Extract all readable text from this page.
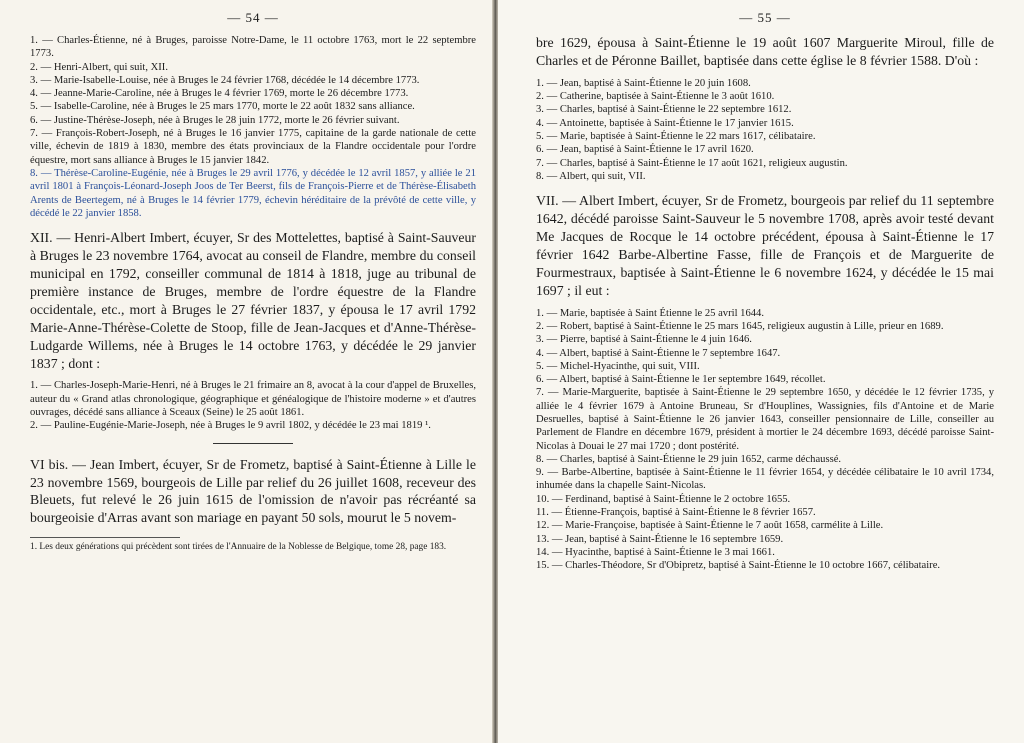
— 54 —

1. — Charles-Étienne, né à Bruges, paroisse Notre-Dame, le 11 octobre 1763, mort le 22 septembre 1773.

2. — Henri-Albert, qui suit, XII.

3. — Marie-Isabelle-Louise, née à Bruges le 24 février 1768, décédée le 14 décembre 1773.

4. — Jeanne-Marie-Caroline, née à Bruges le 4 février 1769, morte le 26 décembre 1773.

5. — Isabelle-Caroline, née à Bruges le 25 mars 1770, morte le 22 août 1832 sans alliance.

6. — Justine-Thérèse-Joseph, née à Bruges le 28 juin 1772, morte le 26 février suivant.

7. — François-Robert-Joseph, né à Bruges le 16 janvier 1775, capitaine de la garde nationale de cette ville, échevin de 1819 à 1830, membre des états provinciaux de la Flandre occidentale pour l'ordre équestre, mort sans alliance à Bruges le 15 janvier 1842.

8. — Thérèse-Caroline-Eugénie, née à Bruges le 29 avril 1776, y décédée le 12 avril 1857, y alliée le 21 avril 1801 à François-Léonard-Joseph Joos de Ter Beerst, fils de François-Pierre et de Thérèse-Élisabeth Arents de Beertegem, né à Bruges le 14 février 1779, échevin héréditaire de la prévôté de cette ville, y décédé le 22 janvier 1858.

XII. — Henri-Albert Imbert, écuyer, Sr des Mottelettes, baptisé à Saint-Sauveur à Bruges le 23 novembre 1764, avocat au conseil de Flandre, membre du conseil municipal en 1792, conseiller communal de 1814 à 1818, juge au tribunal de première instance de Bruges, membre de l'ordre équestre de la Flandre occidentale, etc., mort à Bruges le 27 février 1837, y épousa le 17 avril 1792 Marie-Anne-Thérèse-Colette de Stoop, fille de Jean-Jacques et d'Anne-Thérèse-Ludgarde Willems, née à Bruges le 14 octobre 1763, y décédée le 29 janvier 1837 ; dont :

1. — Charles-Joseph-Marie-Henri, né à Bruges le 21 frimaire an 8, avocat à la cour d'appel de Bruxelles, auteur du « Grand atlas chronologique, géographique et généalogique de l'histoire moderne » et d'autres ouvrages, décédé sans alliance à Sceaux (Seine) le 25 août 1861.

2. — Pauline-Eugénie-Marie-Joseph, née à Bruges le 9 avril 1802, y décédée le 23 mai 1819 ¹.

VI bis. — Jean Imbert, écuyer, Sr de Frometz, baptisé à Saint-Étienne à Lille le 23 novembre 1569, bourgeois de Lille par relief du 26 juillet 1608, receveur des Bleuets, fut relevé le 26 juin 1615 de l'omission de n'avoir pas récréanté sa bourgeoisie d'Arras avant son mariage en payant 50 sols, mourut le 5 novem-

1. Les deux générations qui précèdent sont tirées de l'Annuaire de la Noblesse de Belgique, tome 28, page 183.

— 55 —

bre 1629, épousa à Saint-Étienne le 19 août 1607 Marguerite Miroul, fille de Charles et de Péronne Baillet, baptisée dans cette église le 8 février 1588. D'où :

1. — Jean, baptisé à Saint-Étienne le 20 juin 1608.

2. — Catherine, baptisée à Saint-Étienne le 3 août 1610.

3. — Charles, baptisé à Saint-Étienne le 22 septembre 1612.

4. — Antoinette, baptisée à Saint-Étienne le 17 janvier 1615.

5. — Marie, baptisée à Saint-Étienne le 22 mars 1617, célibataire.

6. — Jean, baptisé à Saint-Étienne le 17 avril 1620.

7. — Charles, baptisé à Saint-Étienne le 17 août 1621, religieux augustin.

8. — Albert, qui suit, VII.

VII. — Albert Imbert, écuyer, Sr de Frometz, bourgeois par relief du 11 septembre 1642, décédé paroisse Saint-Sauveur le 5 novembre 1708, après avoir testé devant Me Jacques de Rocque le 14 octobre précédent, épousa à Saint-Étienne le 17 février 1642 Barbe-Albertine Fasse, fille de François et de Marguerite de Fourmestraux, baptisée à Saint-Étienne le 6 novembre 1624, y décédée le 15 mai 1697 ; il eut :

1. — Marie, baptisée à Saint Étienne le 25 avril 1644.

2. — Robert, baptisé à Saint-Étienne le 25 mars 1645, religieux augustin à Lille, prieur en 1689.

3. — Pierre, baptisé à Saint-Étienne le 4 juin 1646.

4. — Albert, baptisé à Saint-Étienne le 7 septembre 1647.

5. — Michel-Hyacinthe, qui suit, VIII.

6. — Albert, baptisé à Saint-Étienne le 1er septembre 1649, récollet.

7. — Marie-Marguerite, baptisée à Saint-Étienne le 29 septembre 1650, y décédée le 12 février 1735, y alliée le 4 février 1679 à Antoine Bruneau, Sr d'Houplines, Wassignies, fils d'Antoine et de Marie Desruelles, baptisé à Saint-Étienne le 26 janvier 1643, conseiller pensionnaire de Lille, conseiller au Parlement de Flandre en décembre 1679, président à mortier le 24 décembre 1693, décédé paroisse Saint-Nicolas à Douai le 27 mai 1720 ; dont postérité.

8. — Charles, baptisé à Saint-Étienne le 29 juin 1652, carme déchaussé.

9. — Barbe-Albertine, baptisée à Saint-Étienne le 11 février 1654, y décédée célibataire le 10 avril 1734, inhumée dans la chapelle Saint-Nicolas.

10. — Ferdinand, baptisé à Saint-Étienne le 2 octobre 1655.

11. — Étienne-François, baptisé à Saint-Étienne le 8 février 1657.

12. — Marie-Françoise, baptisée à Saint-Étienne le 7 août 1658, carmélite à Lille.

13. — Jean, baptisé à Saint-Étienne le 16 septembre 1659.

14. — Hyacinthe, baptisé à Saint-Étienne le 3 mai 1661.

15. — Charles-Théodore, Sr d'Obipretz, baptisé à Saint-Étienne le 10 octobre 1667, célibataire.
